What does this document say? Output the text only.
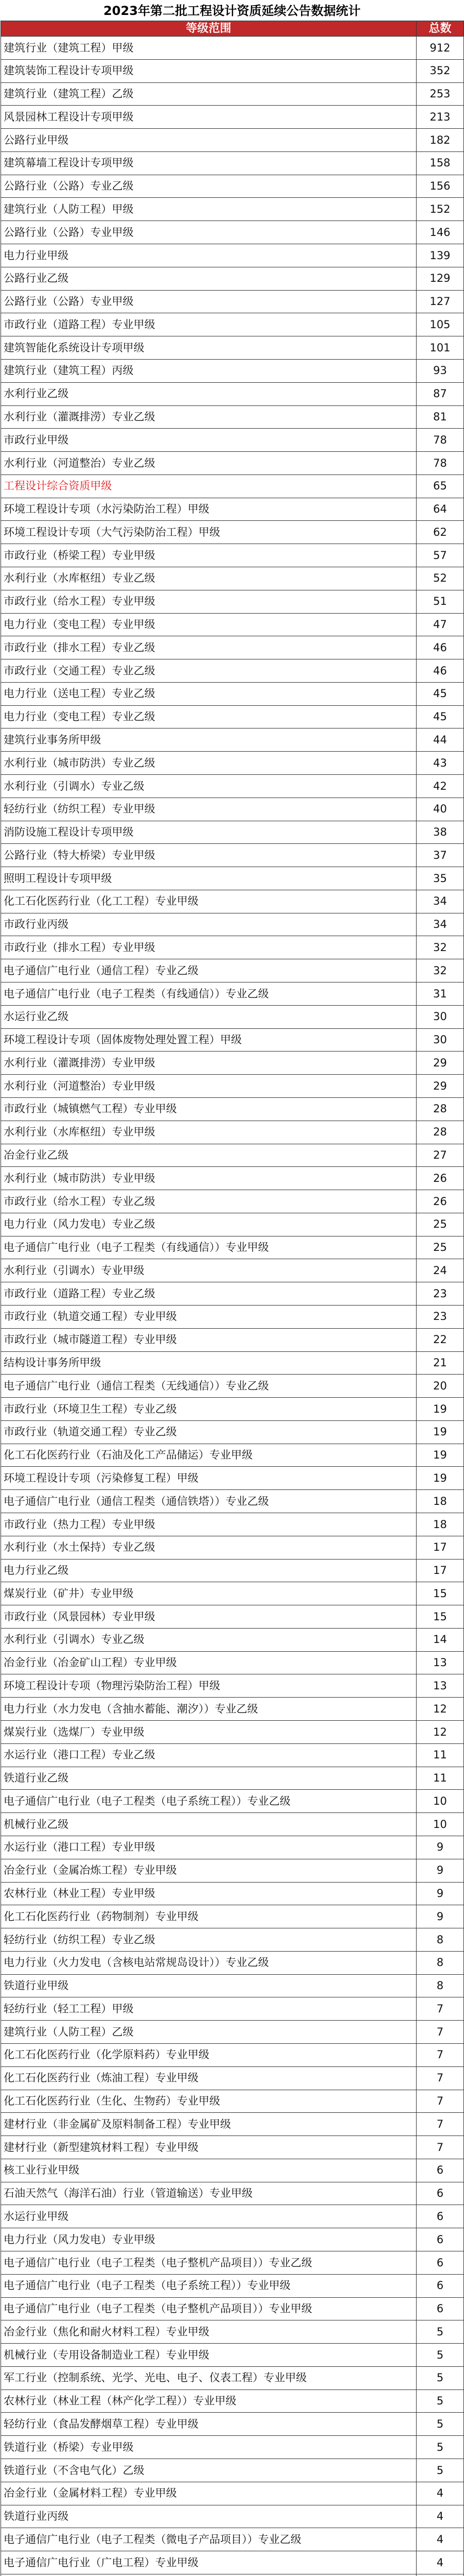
2023年第二批工程设计资质延续公告数据统计
等级范围	总数
建筑行业（建筑工程）甲级	912
建筑装饰工程设计专项甲级	352
建筑行业（建筑工程）乙级	253
风景园林工程设计专项甲级	213
公路行业甲级	182
建筑幕墙工程设计专项甲级	158
公路行业（公路）专业乙级	156
建筑行业（人防工程）甲级	152
公路行业（公路）专业甲级	146
电力行业甲级	139
公路行业乙级	129
公路行业（公路）专业甲级	127
市政行业（道路工程）专业甲级	105
建筑智能化系统设计专项甲级	101
建筑行业（建筑工程）丙级	93
水利行业乙级	87
水利行业（灌溉排涝）专业乙级	81
市政行业甲级	78
水利行业（河道整治）专业乙级	78
工程设计综合资质甲级	65
环境工程设计专项（水污染防治工程）甲级	64
环境工程设计专项（大气污染防治工程）甲级	62
市政行业（桥梁工程）专业甲级	57
水利行业（水库枢纽）专业乙级	52
市政行业（给水工程）专业甲级	51
电力行业（变电工程）专业甲级	47
市政行业（排水工程）专业乙级	46
市政行业（交通工程）专业乙级	46
电力行业（送电工程）专业乙级	45
电力行业（变电工程）专业乙级	45
建筑行业事务所甲级	44
水利行业（城市防洪）专业乙级	43
水利行业（引调水）专业乙级	42
轻纺行业（纺织工程）专业甲级	40
消防设施工程设计专项甲级	38
公路行业（特大桥梁）专业甲级	37
照明工程设计专项甲级	35
化工石化医药行业（化工工程）专业甲级	34
市政行业丙级	34
市政行业（排水工程）专业甲级	32
电子通信广电行业（通信工程）专业乙级	32
电子通信广电行业（电子工程类（有线通信））专业乙级	31
水运行业乙级	30
环境工程设计专项（固体废物处理处置工程）甲级	30
水利行业（灌溉排涝）专业甲级	29
水利行业（河道整治）专业甲级	29
市政行业（城镇燃气工程）专业甲级	28
水利行业（水库枢纽）专业甲级	28
冶金行业乙级	27
水利行业（城市防洪）专业甲级	26
市政行业（给水工程）专业乙级	26
电力行业（风力发电）专业乙级	25
电子通信广电行业（电子工程类（有线通信））专业甲级	25
水利行业（引调水）专业甲级	24
市政行业（道路工程）专业乙级	23
市政行业（轨道交通工程）专业甲级	23
市政行业（城市隧道工程）专业甲级	22
结构设计事务所甲级	21
电子通信广电行业（通信工程类（无线通信））专业乙级	20
市政行业（环境卫生工程）专业乙级	19
市政行业（轨道交通工程）专业乙级	19
化工石化医药行业（石油及化工产品储运）专业甲级	19
环境工程设计专项（污染修复工程）甲级	19
电子通信广电行业（通信工程类（通信铁塔））专业乙级	18
市政行业（热力工程）专业甲级	18
水利行业（水土保持）专业乙级	17
电力行业乙级	17
煤炭行业（矿井）专业甲级	15
市政行业（风景园林）专业甲级	15
水利行业（引调水）专业乙级	14
冶金行业（冶金矿山工程）专业甲级	13
环境工程设计专项（物理污染防治工程）甲级	13
电力行业（水力发电（含抽水蓄能、潮汐））专业乙级	12
煤炭行业（选煤厂）专业甲级	12
水运行业（港口工程）专业乙级	11
铁道行业乙级	11
电子通信广电行业（电子工程类（电子系统工程））专业乙级	10
机械行业乙级	10
水运行业（港口工程）专业甲级	9
冶金行业（金属冶炼工程）专业甲级	9
农林行业（林业工程）专业甲级	9
化工石化医药行业（药物制剂）专业甲级	9
轻纺行业（纺织工程）专业乙级	8
电力行业（火力发电（含核电站常规岛设计））专业乙级	8
铁道行业甲级	8
轻纺行业（轻工工程）甲级	7
建筑行业（人防工程）乙级	7
化工石化医药行业（化学原料药）专业甲级	7
化工石化医药行业（炼油工程）专业甲级	7
化工石化医药行业（生化、生物药）专业甲级	7
建材行业（非金属矿及原料制备工程）专业甲级	7
建材行业（新型建筑材料工程）专业甲级	7
核工业行业甲级	6
石油天然气（海洋石油）行业（管道输送）专业甲级	6
水运行业甲级	6
电力行业（风力发电）专业甲级	6
电子通信广电行业（电子工程类（电子整机产品项目））专业乙级	6
电子通信广电行业（电子工程类（电子系统工程））专业甲级	6
电子通信广电行业（电子工程类（电子整机产品项目））专业甲级	6
冶金行业（焦化和耐火材料工程）专业甲级	5
机械行业（专用设备制造业工程）专业甲级	5
军工行业（控制系统、光学、光电、电子、仪表工程）专业甲级	5
农林行业（林业工程（林产化学工程））专业甲级	5
轻纺行业（食品发酵烟草工程）专业甲级	5
铁道行业（桥梁）专业甲级	5
铁道行业（不含电气化）乙级	5
冶金行业（金属材料工程）专业甲级	4
铁道行业丙级	4
电子通信广电行业（电子工程类（微电子产品项目））专业乙级	4
电子通信广电行业（广电工程）专业甲级	4
